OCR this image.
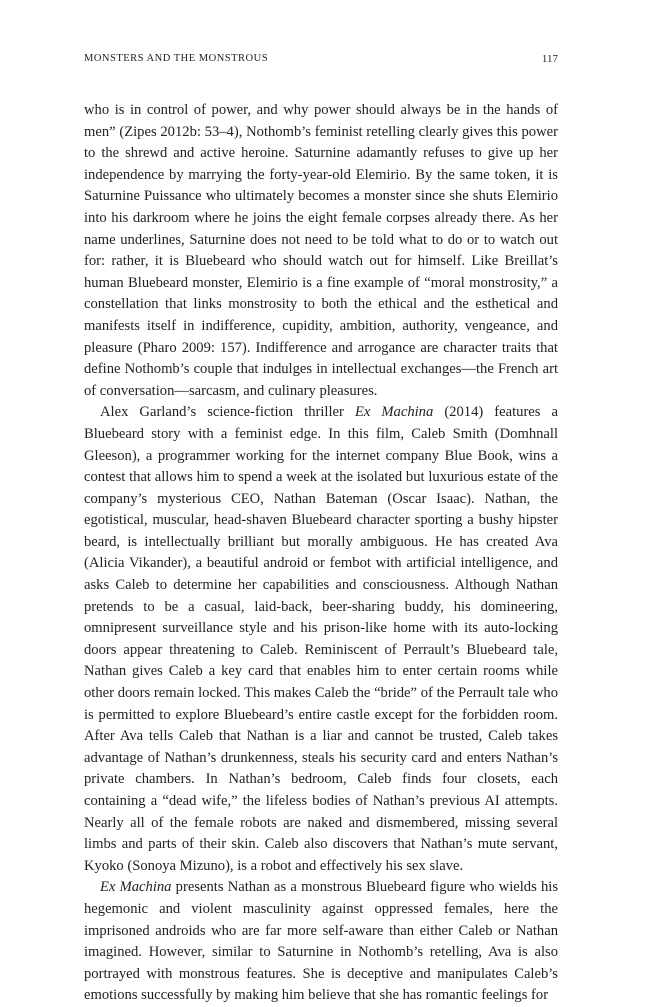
MONSTERS AND THE MONSTROUS	117

who is in control of power, and why power should always be in the hands of men” (Zipes 2012b: 53–4), Nothomb’s feminist retelling clearly gives this power to the shrewd and active heroine. Saturnine adamantly refuses to give up her independence by marrying the forty-year-old Elemirio. By the same token, it is Saturnine Puissance who ultimately becomes a monster since she shuts Elemirio into his darkroom where he joins the eight female corpses already there. As her name underlines, Saturnine does not need to be told what to do or to watch out for: rather, it is Bluebeard who should watch out for himself. Like Breillat’s human Bluebeard monster, Elemirio is a fine example of “moral monstrosity,” a constellation that links monstrosity to both the ethical and the esthetical and manifests itself in indifference, cupidity, ambition, authority, vengeance, and pleasure (Pharo 2009: 157). Indifference and arrogance are character traits that define Nothomb’s couple that indulges in intellectual exchanges—the French art of conversation—sarcasm, and culinary pleasures.

Alex Garland’s science-fiction thriller Ex Machina (2014) features a Bluebeard story with a feminist edge. In this film, Caleb Smith (Domhnall Gleeson), a programmer working for the internet company Blue Book, wins a contest that allows him to spend a week at the isolated but luxurious estate of the company’s mysterious CEO, Nathan Bateman (Oscar Isaac). Nathan, the egotistical, muscular, head-shaven Bluebeard character sporting a bushy hipster beard, is intellectually brilliant but morally ambiguous. He has created Ava (Alicia Vikander), a beautiful android or fembot with artificial intelligence, and asks Caleb to determine her capabilities and consciousness. Although Nathan pretends to be a casual, laid-back, beer-sharing buddy, his domineering, omnipresent surveillance style and his prison-like home with its auto-locking doors appear threatening to Caleb. Reminiscent of Perrault’s Bluebeard tale, Nathan gives Caleb a key card that enables him to enter certain rooms while other doors remain locked. This makes Caleb the “bride” of the Perrault tale who is permitted to explore Bluebeard’s entire castle except for the forbidden room. After Ava tells Caleb that Nathan is a liar and cannot be trusted, Caleb takes advantage of Nathan’s drunkenness, steals his security card and enters Nathan’s private chambers. In Nathan’s bedroom, Caleb finds four closets, each containing a “dead wife,” the lifeless bodies of Nathan’s previous AI attempts. Nearly all of the female robots are naked and dismembered, missing several limbs and parts of their skin. Caleb also discovers that Nathan’s mute servant, Kyoko (Sonoya Mizuno), is a robot and effectively his sex slave.

Ex Machina presents Nathan as a monstrous Bluebeard figure who wields his hegemonic and violent masculinity against oppressed females, here the imprisoned androids who are far more self-aware than either Caleb or Nathan imagined. However, similar to Saturnine in Nothomb’s retelling, Ava is also portrayed with monstrous features. She is deceptive and manipulates Caleb’s emotions successfully by making him believe that she has romantic feelings for
